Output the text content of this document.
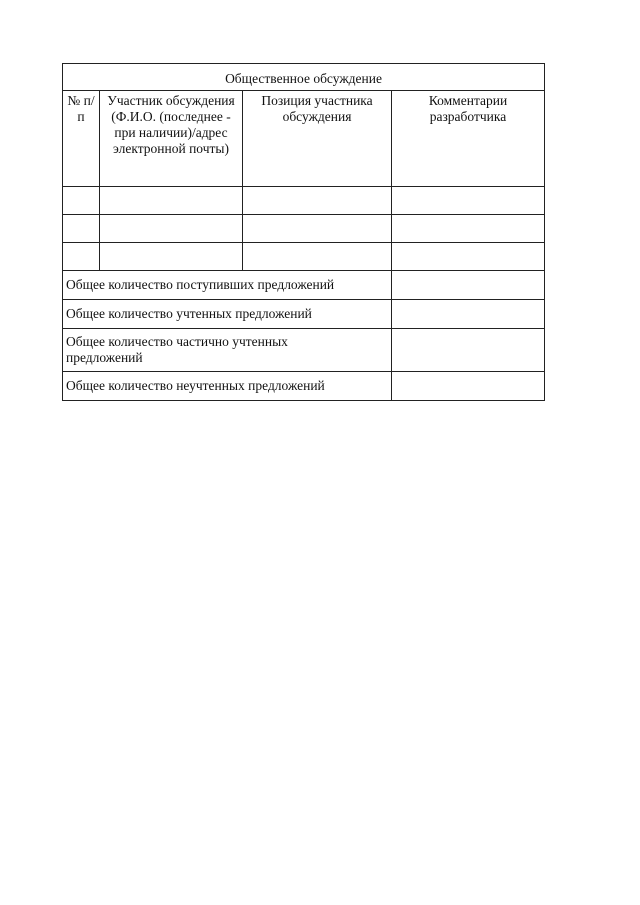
Общественное обсуждение			

№ п/п	Участник обсуждения (Ф.И.О. (последнее - при наличии)/адрес электронной почты)	Позиция участника обсуждения	Комментарии разработчика

Общее количество поступивших предложений			

Общее количество учтенных предложений			

Общее количество частично учтенных предложений			

Общее количество неучтенных предложений			
